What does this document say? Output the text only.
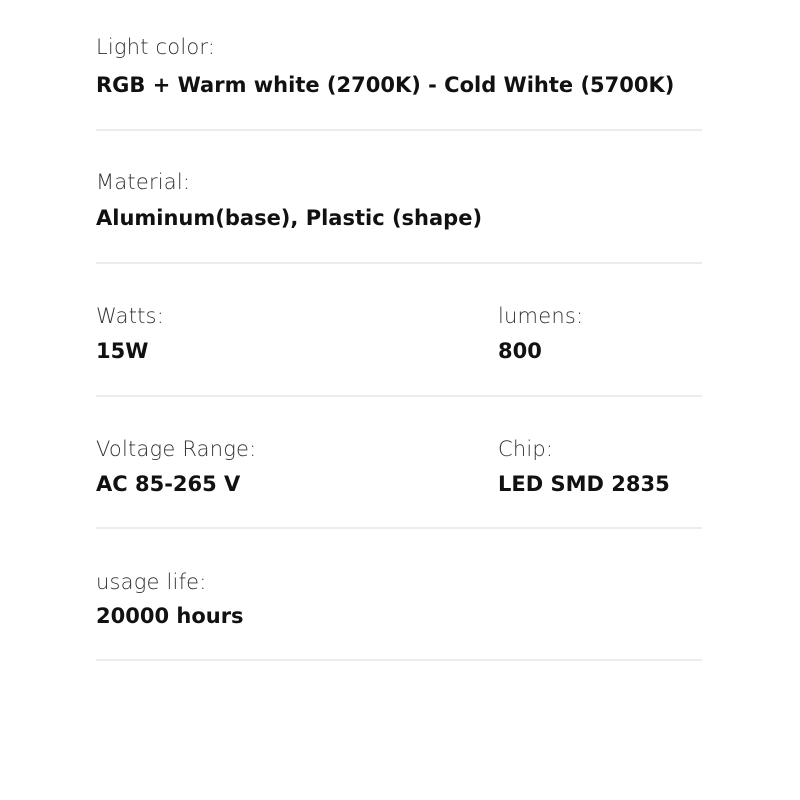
Light color:
RGB + Warm white (2700K) - Cold Wihte (5700K)
Material:
Aluminum(base), Plastic (shape)
Watts:
15W
lumens:
800
Voltage Range:
AC 85-265 V
Chip:
LED SMD 2835
usage life:
20000 hours
